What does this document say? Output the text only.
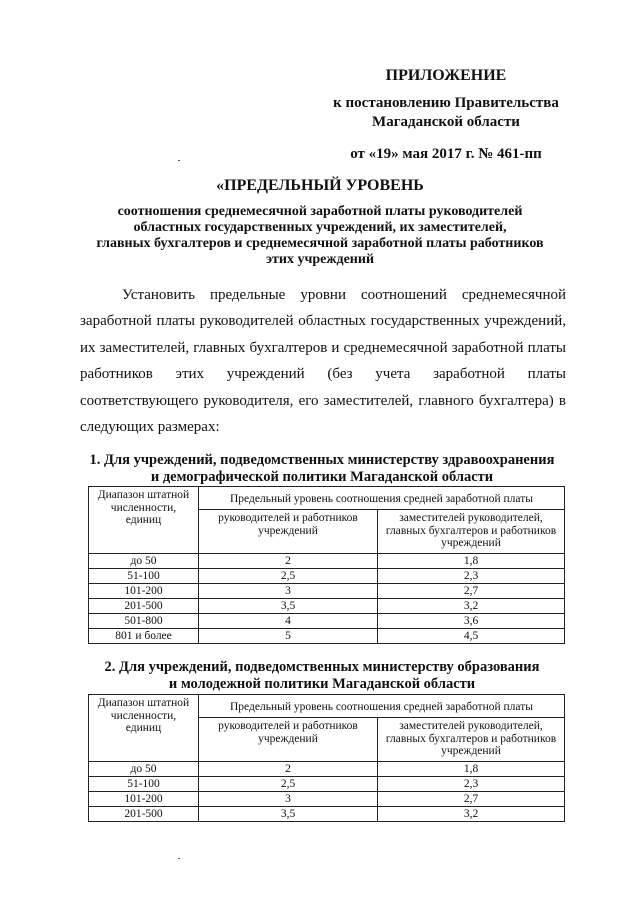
ПРИЛОЖЕНИЕ
к постановлению Правительства
Магаданской области
от «19» мая 2017 г. № 461-пп
«ПРЕДЕЛЬНЫЙ УРОВЕНЬ
соотношения среднемесячной заработной платы руководителей
областных государственных учреждений, их заместителей,
главных бухгалтеров и среднемесячной заработной платы работников
этих учреждений
Установить предельные уровни соотношений среднемесячной заработной платы руководителей областных государственных учреждений, их заместителей, главных бухгалтеров и среднемесячной заработной платы работников этих учреждений (без учета заработной платы соответствующего руководителя, его заместителей, главного бухгалтера) в следующих размерах:
1. Для учреждений, подведомственных министерству здравоохранения
и демографической политики Магаданской области
Диапазон штатной численности, единиц	Предельный уровень соотношения средней заработной платы	
	руководителей и работников учреждений	заместителей руководителей, главных бухгалтеров и работников учреждений
до 50	2	1,8
51-100	2,5	2,3
101-200	3	2,7
201-500	3,5	3,2
501-800	4	3,6
801 и более	5	4,5
2. Для учреждений, подведомственных министерству образования
и молодежной политики Магаданской области
Диапазон штатной численности, единиц	Предельный уровень соотношения средней заработной платы	
	руководителей и работников учреждений	заместителей руководителей, главных бухгалтеров и работников учреждений
до 50	2	1,8
51-100	2,5	2,3
101-200	3	2,7
201-500	3,5	3,2
